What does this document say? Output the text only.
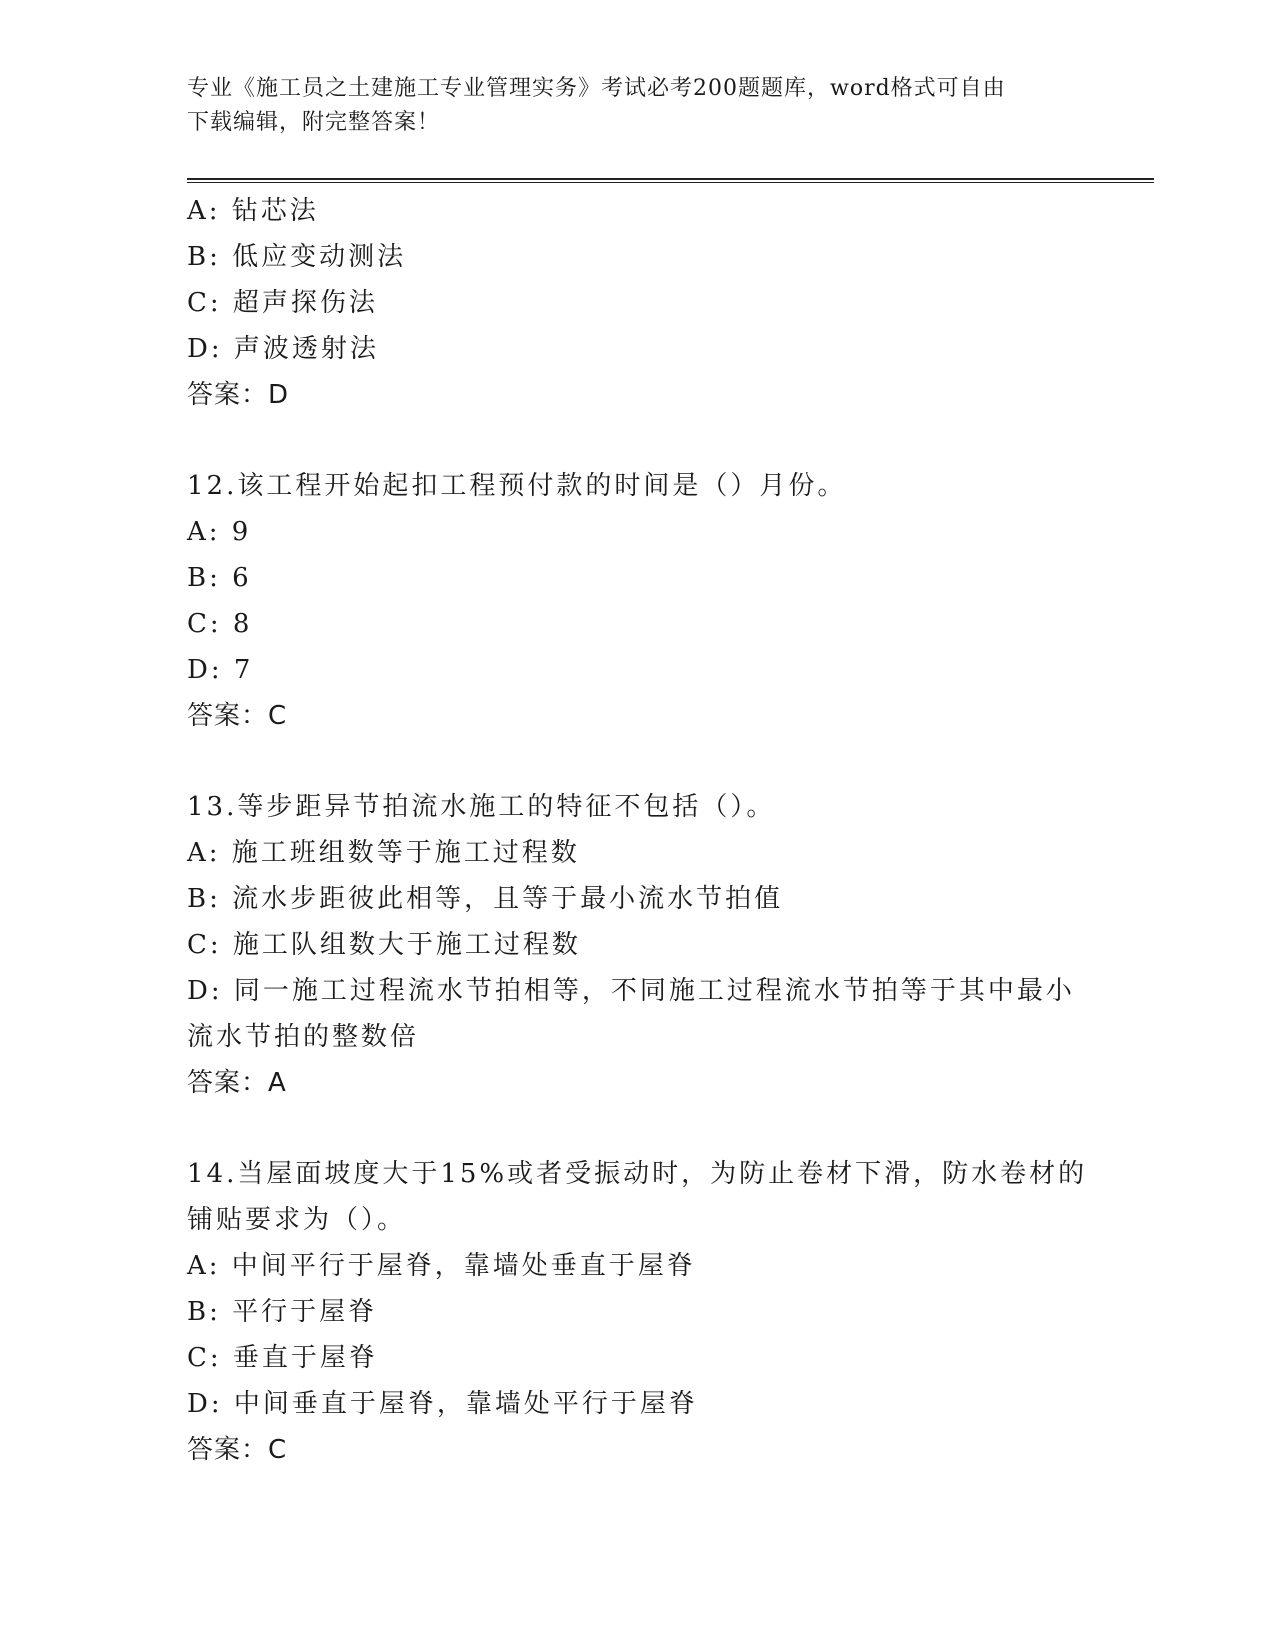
专业《施工员之土建施工专业管理实务》考试必考200题题库，word格式可自由
下载编辑，附完整答案！
A: 钻芯法
B: 低应变动测法
C: 超声探伤法
D: 声波透射法
答案：D
12.该工程开始起扣工程预付款的时间是（）月份。
A: 9
B: 6
C: 8
D: 7
答案：C
13.等步距异节拍流水施工的特征不包括（）。
A: 施工班组数等于施工过程数
B: 流水步距彼此相等，且等于最小流水节拍值
C: 施工队组数大于施工过程数
D: 同一施工过程流水节拍相等，不同施工过程流水节拍等于其中最小
流水节拍的整数倍
答案：A
14.当屋面坡度大于15%或者受振动时，为防止卷材下滑，防水卷材的
铺贴要求为（）。
A: 中间平行于屋脊，靠墙处垂直于屋脊
B: 平行于屋脊
C: 垂直于屋脊
D: 中间垂直于屋脊，靠墙处平行于屋脊
答案：C
